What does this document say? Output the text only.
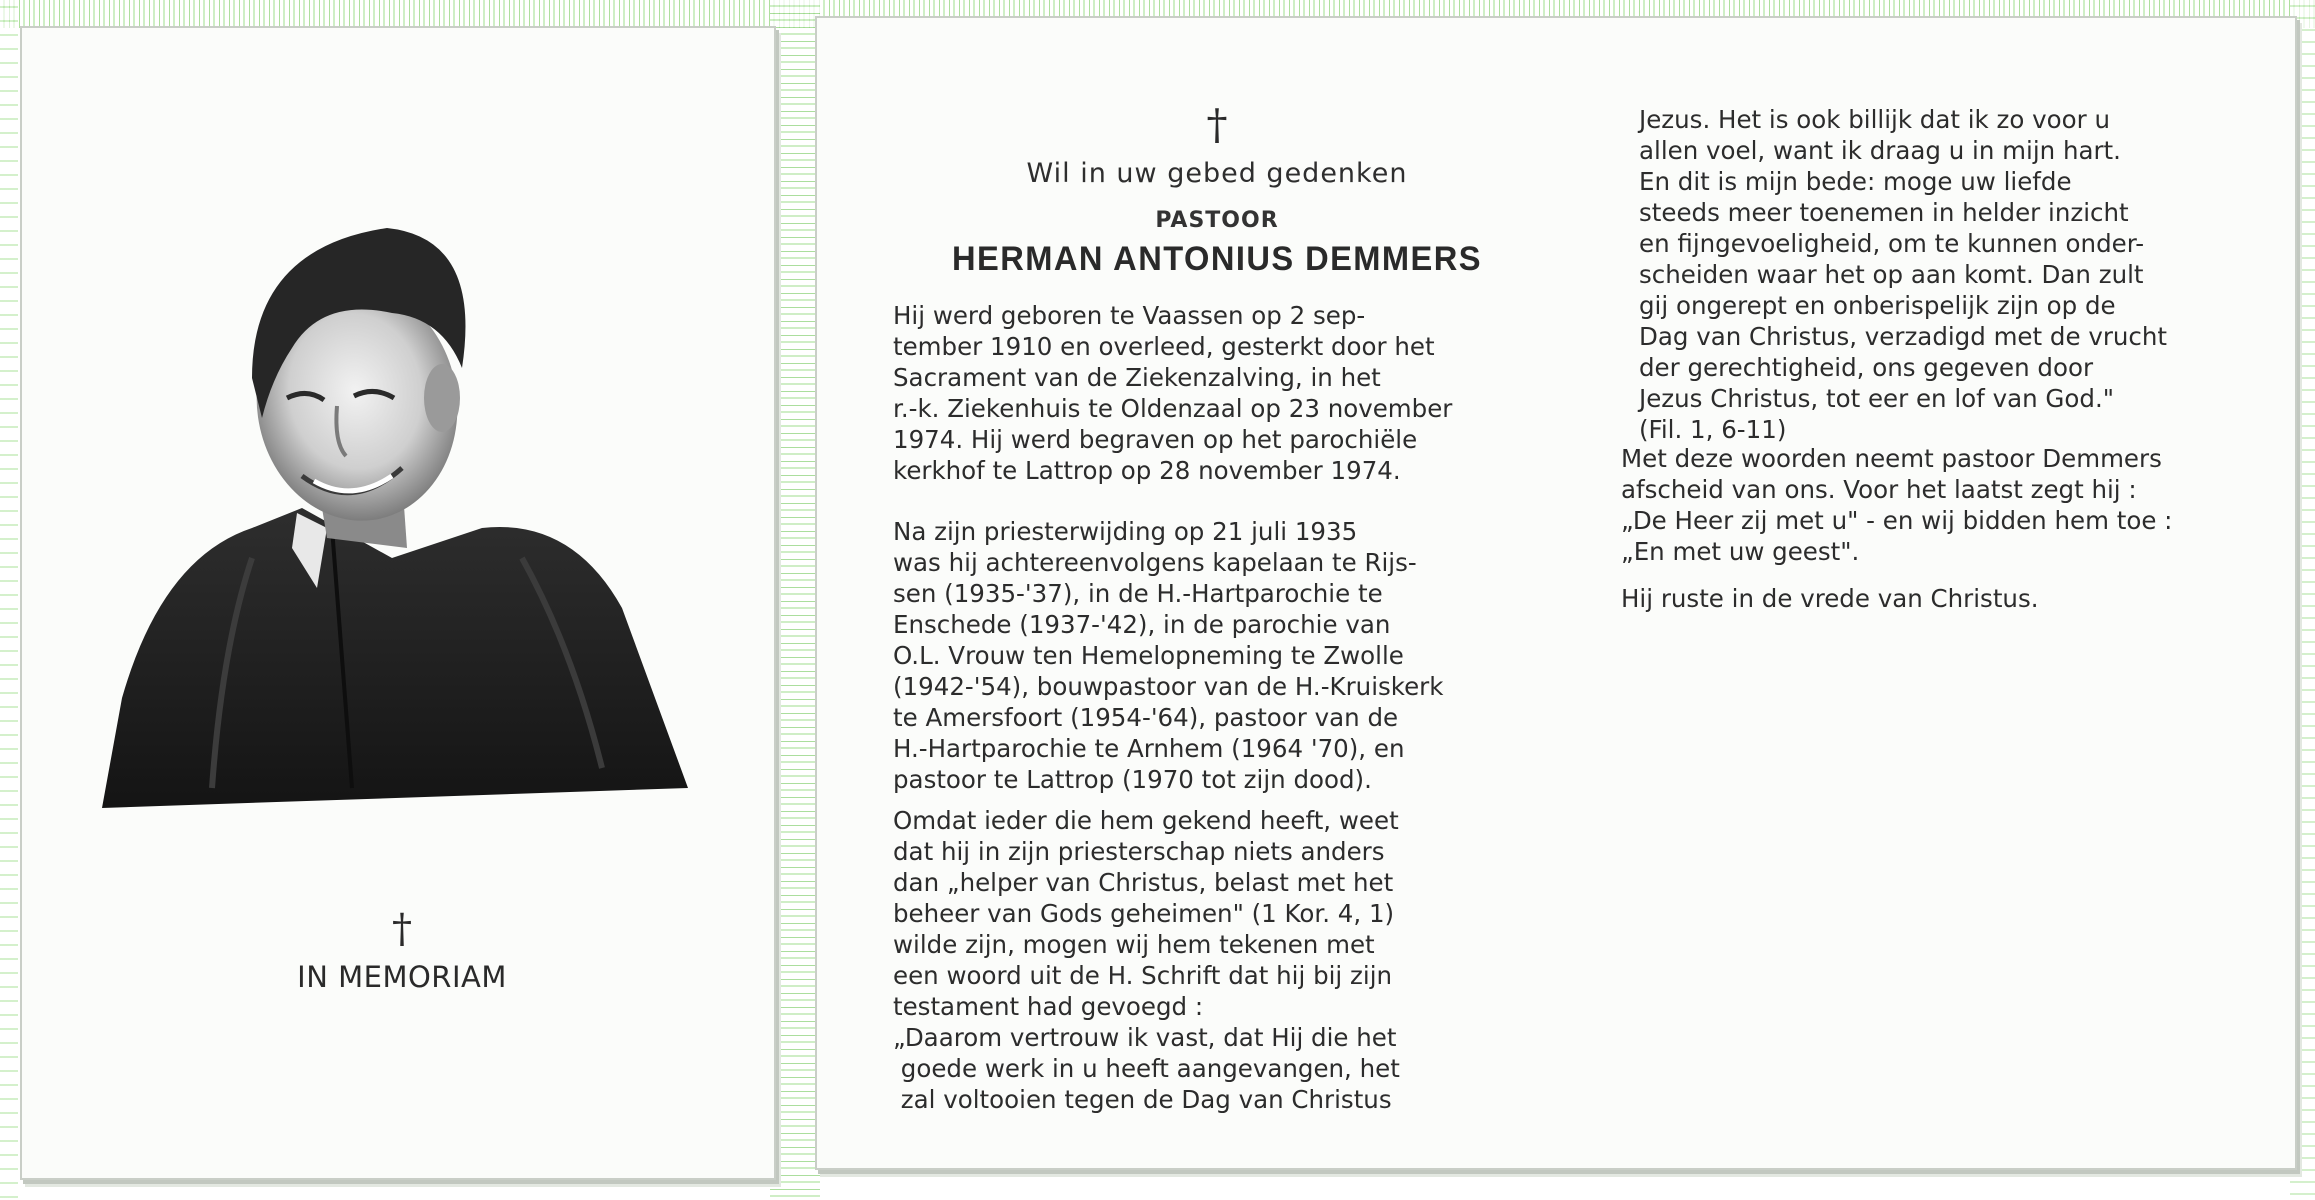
†
IN MEMORIAM
†
Wil in uw gebed gedenken
PASTOOR
HERMAN ANTONIUS DEMMERS

Hij werd geboren te Vaassen op 2 sep-

tember 1910 en overleed, gesterkt door het

Sacrament van de Ziekenzalving, in het

r.-k. Ziekenhuis te Oldenzaal op 23 november

1974. Hij werd begraven op het parochiële

kerkhof te Lattrop op 28 november 1974.

Na zijn priesterwijding op 21 juli 1935

was hij achtereenvolgens kapelaan te Rijs-

sen (1935-'37), in de H.-Hartparochie te

Enschede (1937-'42), in de parochie van

O.L. Vrouw ten Hemelopneming te Zwolle

(1942-'54), bouwpastoor van de H.-Kruiskerk

te Amersfoort (1954-'64), pastoor van de

H.-Hartparochie te Arnhem (1964 '70), en

pastoor te Lattrop (1970 tot zijn dood).

Omdat ieder die hem gekend heeft, weet

dat hij in zijn priesterschap niets anders

dan „helper van Christus, belast met het

beheer van Gods geheimen" (1 Kor. 4, 1)

wilde zijn, mogen wij hem tekenen met

een woord uit de H. Schrift dat hij bij zijn

testament had gevoegd :

„Daarom vertrouw ik vast, dat Hij die het

goede werk in u heeft aangevangen, het

zal voltooien tegen de Dag van Christus

Jezus. Het is ook billijk dat ik zo voor u

allen voel, want ik draag u in mijn hart.

En dit is mijn bede: moge uw liefde

steeds meer toenemen in helder inzicht

en fijngevoeligheid, om te kunnen onder-

scheiden waar het op aan komt. Dan zult

gij ongerept en onberispelijk zijn op de

Dag van Christus, verzadigd met de vrucht

der gerechtigheid, ons gegeven door

Jezus Christus, tot eer en lof van God."

(Fil. 1, 6-11)

Met deze woorden neemt pastoor Demmers

afscheid van ons. Voor het laatst zegt hij :

„De Heer zij met u" - en wij bidden hem toe :

„En met uw geest".

Hij ruste in de vrede van Christus.
